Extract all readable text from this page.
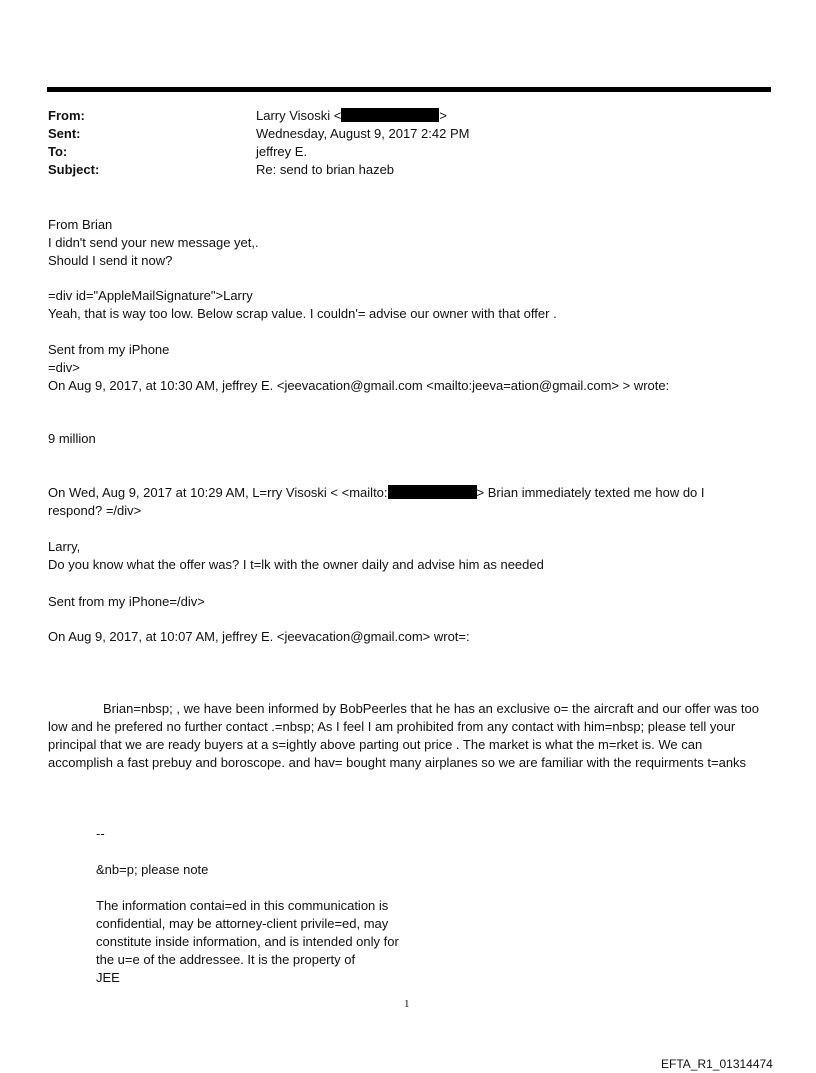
From:	Larry Visoski <	>
Sent:	Wednesday, August 9, 2017 2:42 PM
To:	jeffrey E.
Subject:	Re: send to brian hazeb
From Brian
I didn't send your new message yet,.
Should I send it now?
=div id="AppleMailSignature">Larry
Yeah, that is way too low. Below scrap value. I couldn'= advise our owner with that offer .
Sent from my iPhone
=div>
On Aug 9, 2017, at 10:30 AM, jeffrey E. <jeevacation@gmail.com <mailto:jeeva=ation@gmail.com> > wrote:
9 million
On Wed, Aug 9, 2017 at 10:29 AM, L=rry Visoski < <mailto:	> Brian immediately texted me how do I
respond? =/div>
Larry,
Do you know what the offer was? I t=lk with the owner daily and advise him as needed
Sent from my iPhone=/div>
On Aug 9, 2017, at 10:07 AM, jeffrey E. <jeevacation@gmail.com> wrot=:
Brian=nbsp; , we have been informed by BobPeerles that he has an exclusive o= the aircraft and our offer was too low and he prefered no further contact .=nbsp; As I feel I am prohibited from any contact with him=nbsp; please tell your principal that we are ready buyers at a s=ightly above parting out price . The market is what the m=rket is. We can accomplish a fast prebuy and boroscope. and hav= bought many airplanes so we are familiar with the requirments t=anks
--
&nb=p; please note
The information contai=ed in this communication is
confidential, may be attorney-client privile=ed, may
constitute inside information, and is intended only for
the u=e of the addressee. It is the property of
JEE
1
EFTA_R1_01314474
